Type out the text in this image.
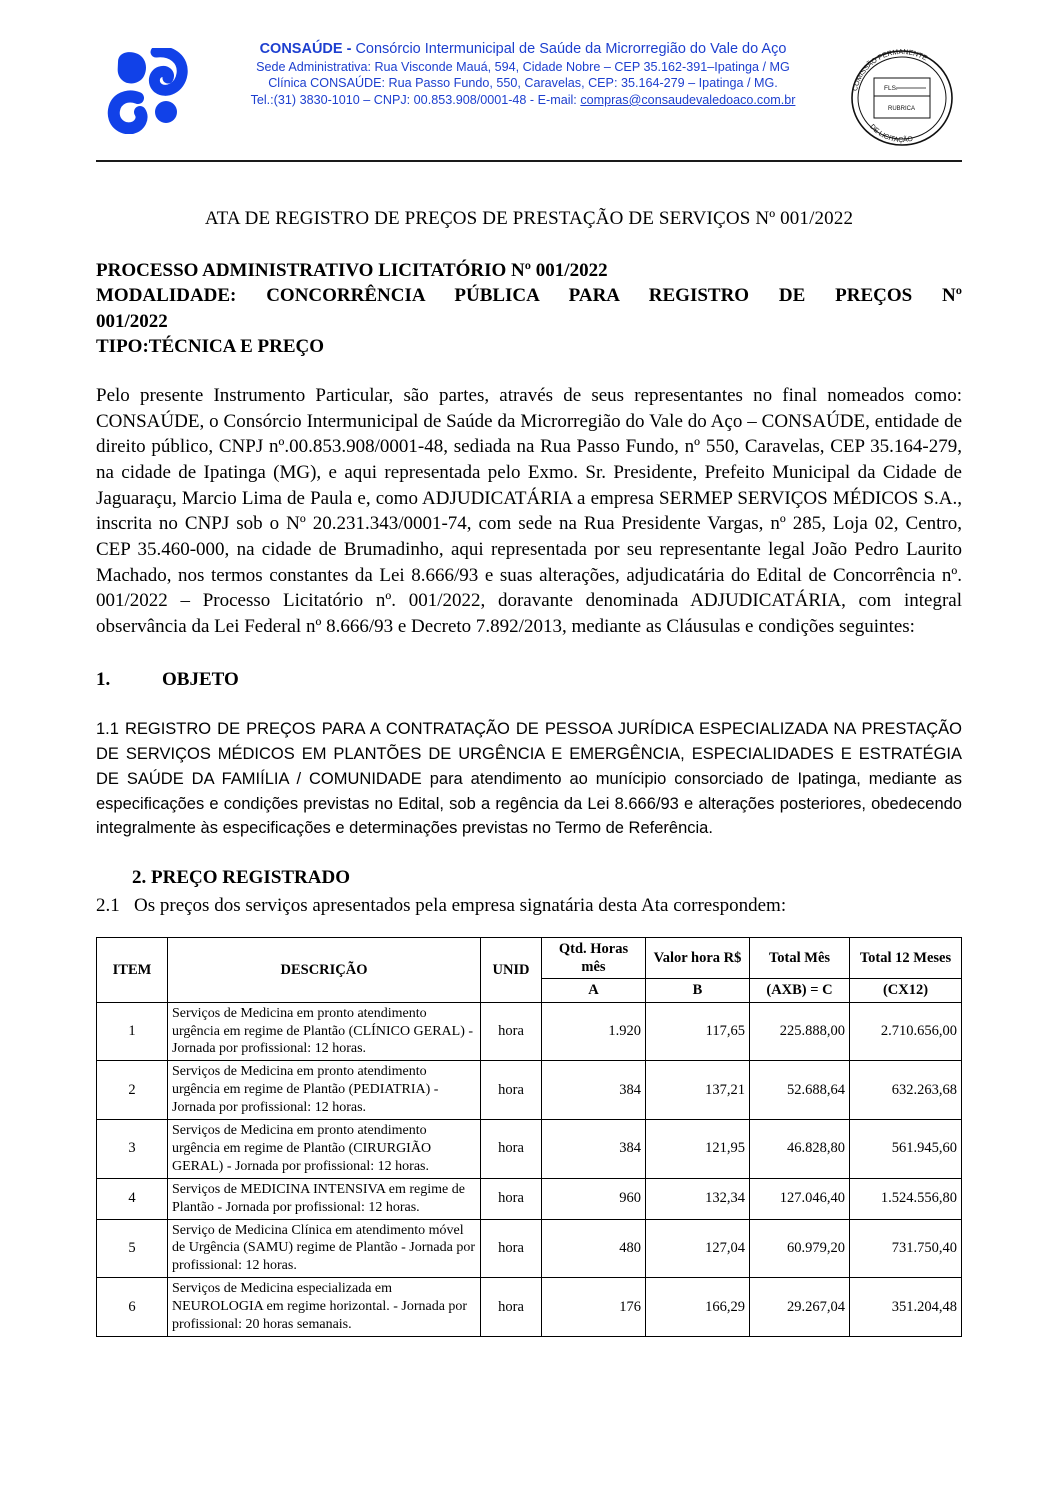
CONSAÚDE - Consórcio Intermunicipal de Saúde da Microrregião do Vale do Aço
Sede Administrativa: Rua Visconde Mauá, 594, Cidade Nobre – CEP 35.162-391–Ipatinga / MG
Clínica CONSAÚDE: Rua Passo Fundo, 550, Caravelas, CEP: 35.164-279 – Ipatinga / MG.
Tel.:(31) 3830-1010 – CNPJ: 00.853.908/0001-48 - E-mail: compras@consaudevaledoaco.com.br
COMISSÃO PERMANENTE
DE LICITAÇÃO
FLS.
RUBRICA
ATA DE REGISTRO DE PREÇOS DE PRESTAÇÃO DE SERVIÇOS Nº 001/2022
PROCESSO ADMINISTRATIVO LICITATÓRIO Nº 001/2022
MODALIDADE: CONCORRÊNCIA PÚBLICA PARA REGISTRO DE PREÇOS Nº
001/2022
TIPO:TÉCNICA E PREÇO
Pelo presente Instrumento Particular, são partes, através de seus representantes no final nomeados como: CONSAÚDE, o Consórcio Intermunicipal de Saúde da Microrregião do Vale do Aço – CONSAÚDE, entidade de direito público, CNPJ nº.00.853.908/0001-48, sediada na Rua Passo Fundo, nº 550, Caravelas, CEP 35.164-279, na cidade de Ipatinga (MG), e aqui representada pelo Exmo. Sr. Presidente, Prefeito Municipal da Cidade de Jaguaraçu, Marcio Lima de Paula e, como ADJUDICATÁRIA a empresa SERMEP SERVIÇOS MÉDICOS S.A., inscrita no CNPJ sob o Nº 20.231.343/0001-74, com sede na Rua Presidente Vargas, nº 285, Loja 02, Centro, CEP 35.460-000, na cidade de Brumadinho, aqui representada por seu representante legal João Pedro Laurito Machado, nos termos constantes da Lei 8.666/93 e suas alterações, adjudicatária do Edital de Concorrência nº. 001/2022 – Processo Licitatório nº. 001/2022, doravante denominada ADJUDICATÁRIA, com integral observância da Lei Federal nº 8.666/93 e Decreto 7.892/2013, mediante as Cláusulas e condições seguintes:
1.	OBJETO
1.1 REGISTRO DE PREÇOS PARA A CONTRATAÇÃO DE PESSOA JURÍDICA ESPECIALIZADA NA PRESTAÇÃO DE SERVIÇOS MÉDICOS EM PLANTÕES DE URGÊNCIA E EMERGÊNCIA, ESPECIALIDADES E ESTRATÉGIA DE SAÚDE DA FAMIÍLIA / COMUNIDADE para atendimento ao munícipio consorciado de Ipatinga, mediante as especificações e condições previstas no Edital, sob a regência da Lei 8.666/93 e alterações posteriores, obedecendo integralmente às especificações e determinações previstas no Termo de Referência.
2. PREÇO REGISTRADO
2.1 Os preços dos serviços apresentados pela empresa signatária desta Ata correspondem:
ITEM	DESCRIÇÃO	UNID	Qtd. Horas mês	Valor hora R$	Total Mês	Total 12 Meses
			A	B	(AXB) = C	(CX12)
1	Serviços de Medicina em pronto atendimento urgência em regime de Plantão (CLÍNICO GERAL) - Jornada por profissional: 12 horas.	hora	1.920	117,65	225.888,00	2.710.656,00
2	Serviços de Medicina em pronto atendimento urgência em regime de Plantão (PEDIATRIA) - Jornada por profissional: 12 horas.	hora	384	137,21	52.688,64	632.263,68
3	Serviços de Medicina em pronto atendimento urgência em regime de Plantão (CIRURGIÃO GERAL) - Jornada por profissional: 12 horas.	hora	384	121,95	46.828,80	561.945,60
4	Serviços de MEDICINA INTENSIVA em regime de Plantão - Jornada por profissional: 12 horas.	hora	960	132,34	127.046,40	1.524.556,80
5	Serviço de Medicina Clínica em atendimento móvel de Urgência (SAMU) regime de Plantão - Jornada por profissional: 12 horas.	hora	480	127,04	60.979,20	731.750,40
6	Serviços de Medicina especializada em NEUROLOGIA em regime horizontal. - Jornada por profissional: 20 horas semanais.	hora	176	166,29	29.267,04	351.204,48
